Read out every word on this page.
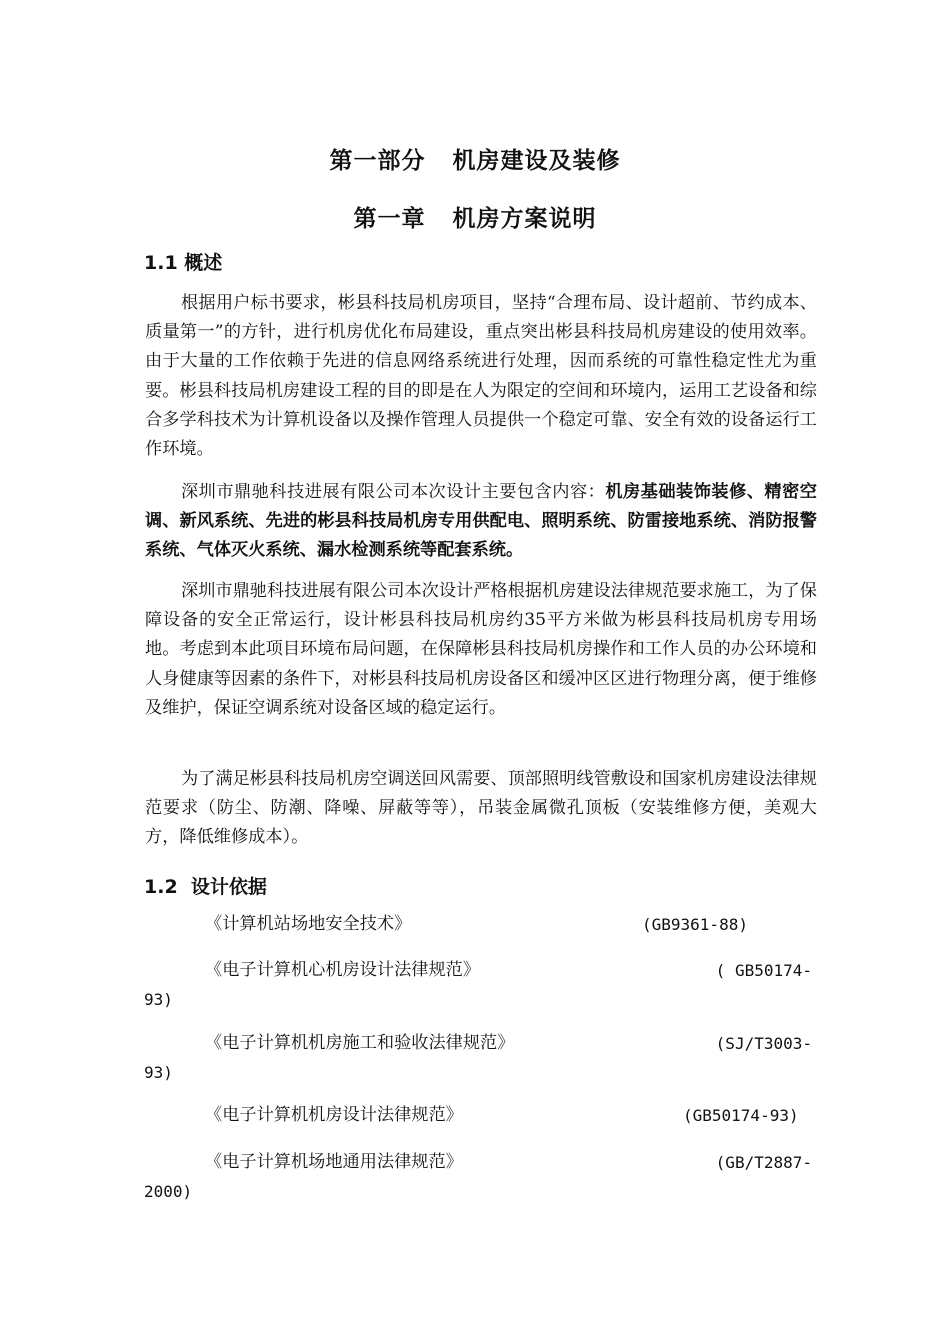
第一部分   机房建设及装修
第一章   机房方案说明
1.1 概述

根据用户标书要求，彬县科技局机房项目，坚持“合理布局、设计超前、节约成本、质量第一”的方针，进行机房优化布局建设，重点突出彬县科技局机房建设的使用效率。由于大量的工作依赖于先进的信息网络系统进行处理，因而系统的可靠性稳定性尤为重要。彬县科技局机房建设工程的目的即是在人为限定的空间和环境内，运用工艺设备和综合多学科技术为计算机设备以及操作管理人员提供一个稳定可靠、安全有效的设备运行工作环境。

深圳市鼎驰科技进展有限公司本次设计主要包含内容：机房基础装饰装修、精密空调、新风系统、先进的彬县科技局机房专用供配电、照明系统、防雷接地系统、消防报警系统、气体灭火系统、漏水检测系统等配套系统。

深圳市鼎驰科技进展有限公司本次设计严格根据机房建设法律规范要求施工，为了保障设备的安全正常运行，设计彬县科技局机房约35平方米做为彬县科技局机房专用场地。考虑到本此项目环境布局问题，在保障彬县科技局机房操作和工作人员的办公环境和人身健康等因素的条件下，对彬县科技局机房设备区和缓冲区区进行物理分离，便于维修及维护，保证空调系统对设备区域的稳定运行。

为了满足彬县科技局机房空调送回风需要、顶部照明线管敷设和国家机房建设法律规范要求（防尘、防潮、降噪、屏蔽等等），吊装金属微孔顶板（安装维修方便，美观大方，降低维修成本）。

1.2  设计依据
《计算机站场地安全技术》	(GB9361-88)
《电子计算机心机房设计法律规范》	( GB50174-
93)
《电子计算机机房施工和验收法律规范》	(SJ/T3003-
93)
《电子计算机机房设计法律规范》	(GB50174-93)
《电子计算机场地通用法律规范》	(GB/T2887-
2000)
